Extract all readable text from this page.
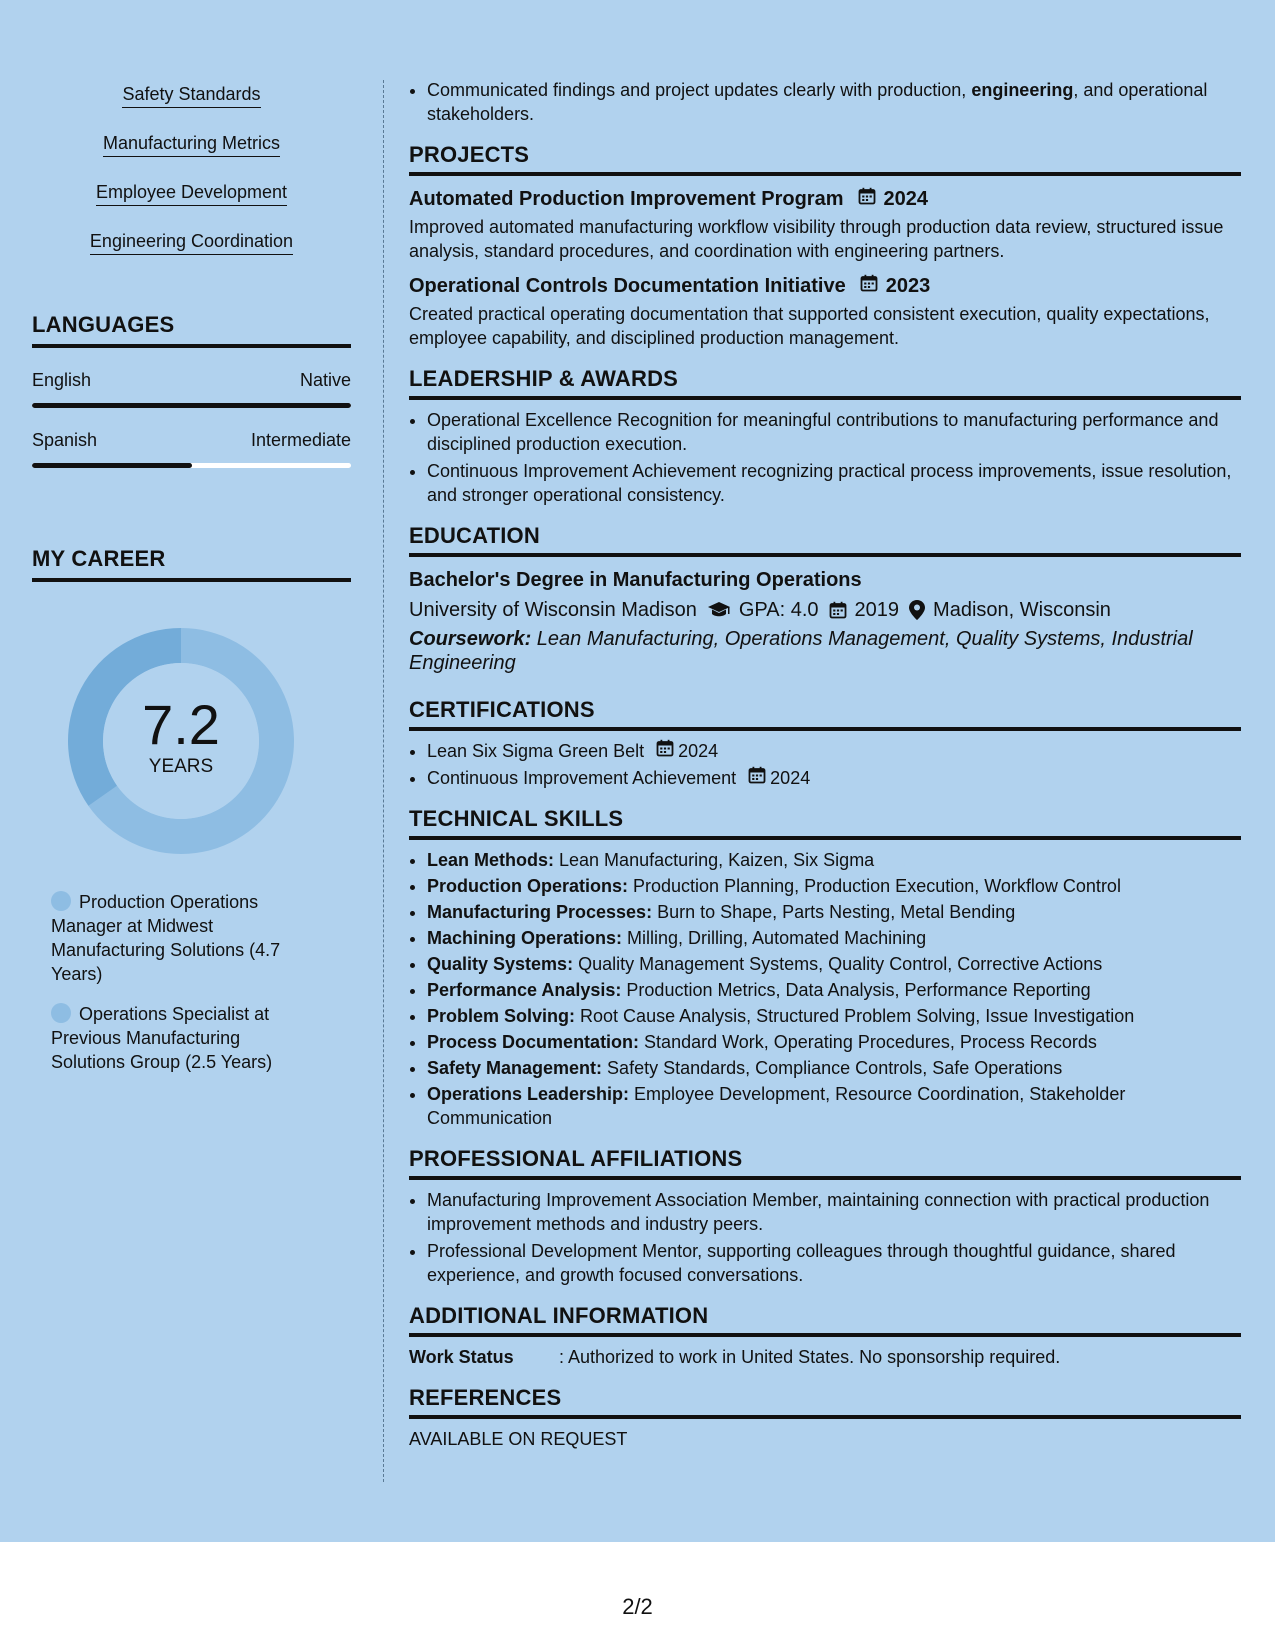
Safety Standards
Manufacturing Metrics
Employee Development
Engineering Coordination
LANGUAGES
English	Native
Spanish	Intermediate
MY CAREER
7.2
YEARS
Production Operations Manager at Midwest Manufacturing Solutions (4.7 Years)
Operations Specialist at Previous Manufacturing Solutions Group (2.5 Years)
• Communicated findings and project updates clearly with production, engineering, and operational stakeholders.
PROJECTS
Automated Production Improvement Program 2024
Improved automated manufacturing workflow visibility through production data review, structured issue analysis, standard procedures, and coordination with engineering partners.
Operational Controls Documentation Initiative 2023
Created practical operating documentation that supported consistent execution, quality expectations, employee capability, and disciplined production management.
LEADERSHIP & AWARDS
• Operational Excellence Recognition for meaningful contributions to manufacturing performance and disciplined production execution.
• Continuous Improvement Achievement recognizing practical process improvements, issue resolution, and stronger operational consistency.
EDUCATION
Bachelor's Degree in Manufacturing Operations
University of Wisconsin Madison GPA: 4.0 2019 Madison, Wisconsin
Coursework: Lean Manufacturing, Operations Management, Quality Systems, Industrial Engineering
CERTIFICATIONS
• Lean Six Sigma Green Belt 2024
• Continuous Improvement Achievement 2024
TECHNICAL SKILLS
• Lean Methods: Lean Manufacturing, Kaizen, Six Sigma
• Production Operations: Production Planning, Production Execution, Workflow Control
• Manufacturing Processes: Burn to Shape, Parts Nesting, Metal Bending
• Machining Operations: Milling, Drilling, Automated Machining
• Quality Systems: Quality Management Systems, Quality Control, Corrective Actions
• Performance Analysis: Production Metrics, Data Analysis, Performance Reporting
• Problem Solving: Root Cause Analysis, Structured Problem Solving, Issue Investigation
• Process Documentation: Standard Work, Operating Procedures, Process Records
• Safety Management: Safety Standards, Compliance Controls, Safe Operations
• Operations Leadership: Employee Development, Resource Coordination, Stakeholder Communication
PROFESSIONAL AFFILIATIONS
• Manufacturing Improvement Association Member, maintaining connection with practical production improvement methods and industry peers.
• Professional Development Mentor, supporting colleagues through thoughtful guidance, shared experience, and growth focused conversations.
ADDITIONAL INFORMATION
Work Status	: Authorized to work in United States. No sponsorship required.
REFERENCES
AVAILABLE ON REQUEST
2/2
